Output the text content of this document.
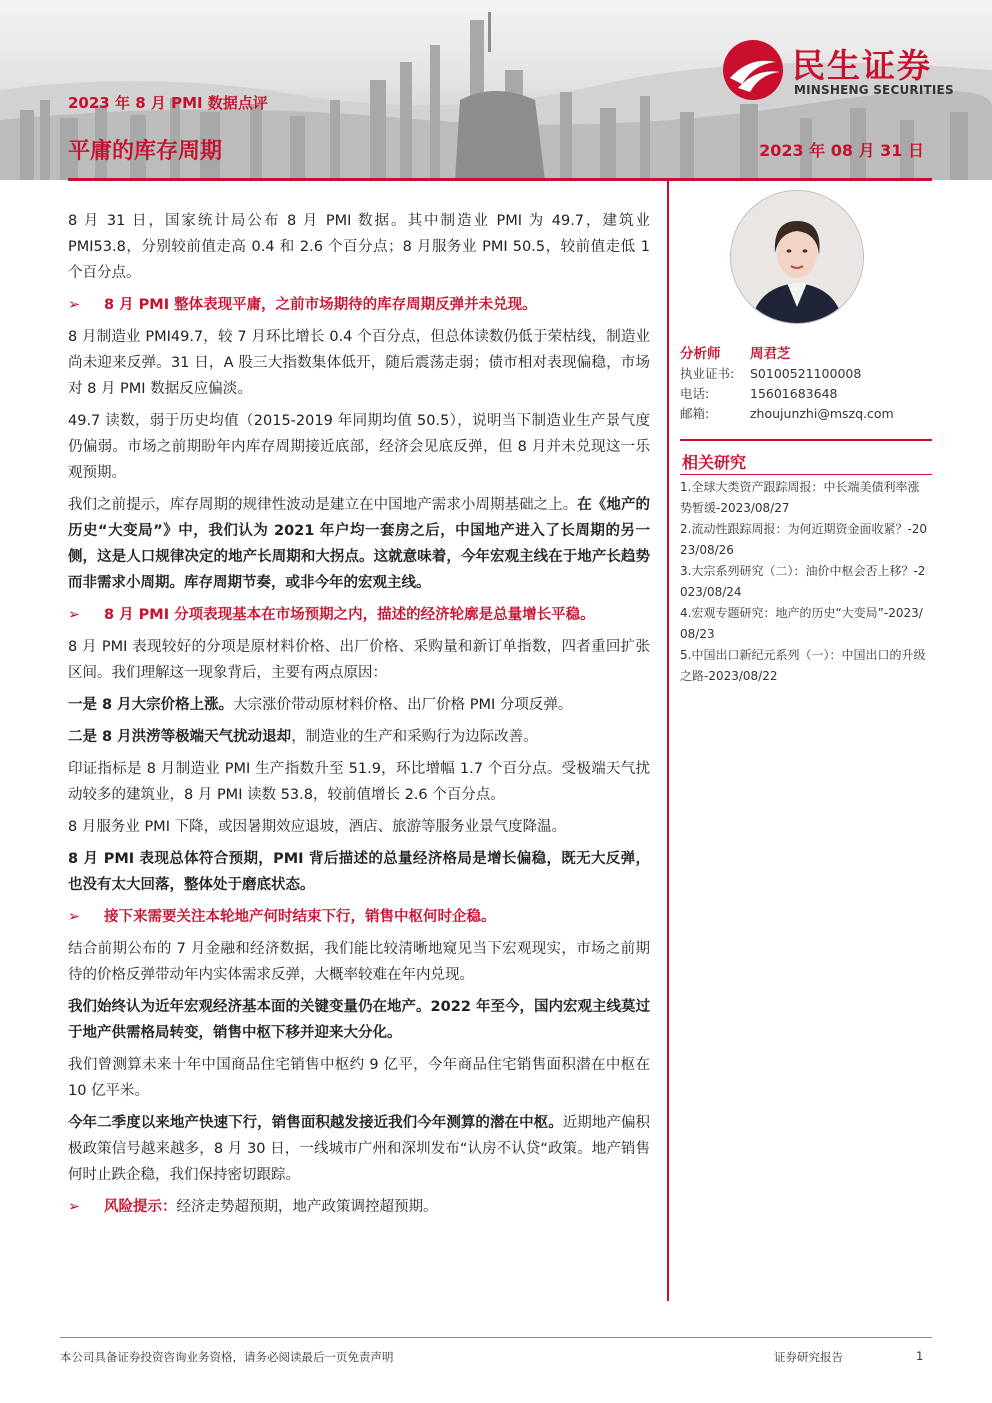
2023 年 8 月 PMI 数据点评
平庸的库存周期	2023 年 08 月 31 日
民生证券
MINSHENG SECURITIES

8 月 31 日，国家统计局公布 8 月 PMI 数据。其中制造业 PMI 为 49.7，建筑业 PMI53.8，分别较前值走高 0.4 和 2.6 个百分点；8 月服务业 PMI 50.5，较前值走低 1 个百分点。

➢ 8 月 PMI 整体表现平庸，之前市场期待的库存周期反弹并未兑现。

8 月制造业 PMI49.7，较 7 月环比增长 0.4 个百分点，但总体读数仍低于荣枯线，制造业尚未迎来反弹。31 日，A 股三大指数集体低开，随后震荡走弱；债市相对表现偏稳，市场对 8 月 PMI 数据反应偏淡。

49.7 读数，弱于历史均值（2015-2019 年同期均值 50.5），说明当下制造业生产景气度仍偏弱。市场之前期盼年内库存周期接近底部，经济会见底反弹，但 8 月并未兑现这一乐观预期。

我们之前提示，库存周期的规律性波动是建立在中国地产需求小周期基础之上。在《地产的历史“大变局”》中，我们认为 2021 年户均一套房之后，中国地产进入了长周期的另一侧，这是人口规律决定的地产长周期和大拐点。这就意味着，今年宏观主线在于地产长趋势而非需求小周期。库存周期节奏，或非今年的宏观主线。

➢ 8 月 PMI 分项表现基本在市场预期之内，描述的经济轮廓是总量增长平稳。

8 月 PMI 表现较好的分项是原材料价格、出厂价格、采购量和新订单指数，四者重回扩张区间。我们理解这一现象背后，主要有两点原因：

一是 8 月大宗价格上涨。大宗涨价带动原材料价格、出厂价格 PMI 分项反弹。

二是 8 月洪涝等极端天气扰动退却，制造业的生产和采购行为边际改善。

印证指标是 8 月制造业 PMI 生产指数升至 51.9，环比增幅 1.7 个百分点。受极端天气扰动较多的建筑业，8 月 PMI 读数 53.8，较前值增长 2.6 个百分点。

8 月服务业 PMI 下降，或因暑期效应退坡，酒店、旅游等服务业景气度降温。

8 月 PMI 表现总体符合预期，PMI 背后描述的总量经济格局是增长偏稳，既无大反弹，也没有太大回落，整体处于磨底状态。

➢ 接下来需要关注本轮地产何时结束下行，销售中枢何时企稳。

结合前期公布的 7 月金融和经济数据，我们能比较清晰地窥见当下宏观现实，市场之前期待的价格反弹带动年内实体需求反弹，大概率较难在年内兑现。

我们始终认为近年宏观经济基本面的关键变量仍在地产。2022 年至今，国内宏观主线莫过于地产供需格局转变，销售中枢下移并迎来大分化。

我们曾测算未来十年中国商品住宅销售中枢约 9 亿平，今年商品住宅销售面积潜在中枢在 10 亿平米。

今年二季度以来地产快速下行，销售面积越发接近我们今年测算的潜在中枢。近期地产偏积极政策信号越来越多，8 月 30 日，一线城市广州和深圳发布“认房不认贷“政策。地产销售何时止跌企稳，我们保持密切跟踪。

➢ 风险提示：经济走势超预期，地产政策调控超预期。
分析师 周君芝
执业证书: S0100521100008
电话:	15601683648
邮箱:	zhoujunzhi@mszq.com
相关研究
1.全球大类资产跟踪周报：中长端美债利率涨势暂缓-2023/08/27
2.流动性跟踪周报：为何近期资金面收紧？-2023/08/26
3.大宗系列研究（二）：油价中枢会否上移？-2023/08/24
4.宏观专题研究：地产的历史“大变局”-2023/08/23
5.中国出口新纪元系列（一）：中国出口的升级之路-2023/08/22
本公司具备证券投资咨询业务资格，请务必阅读最后一页免责声明	证券研究报告	1
